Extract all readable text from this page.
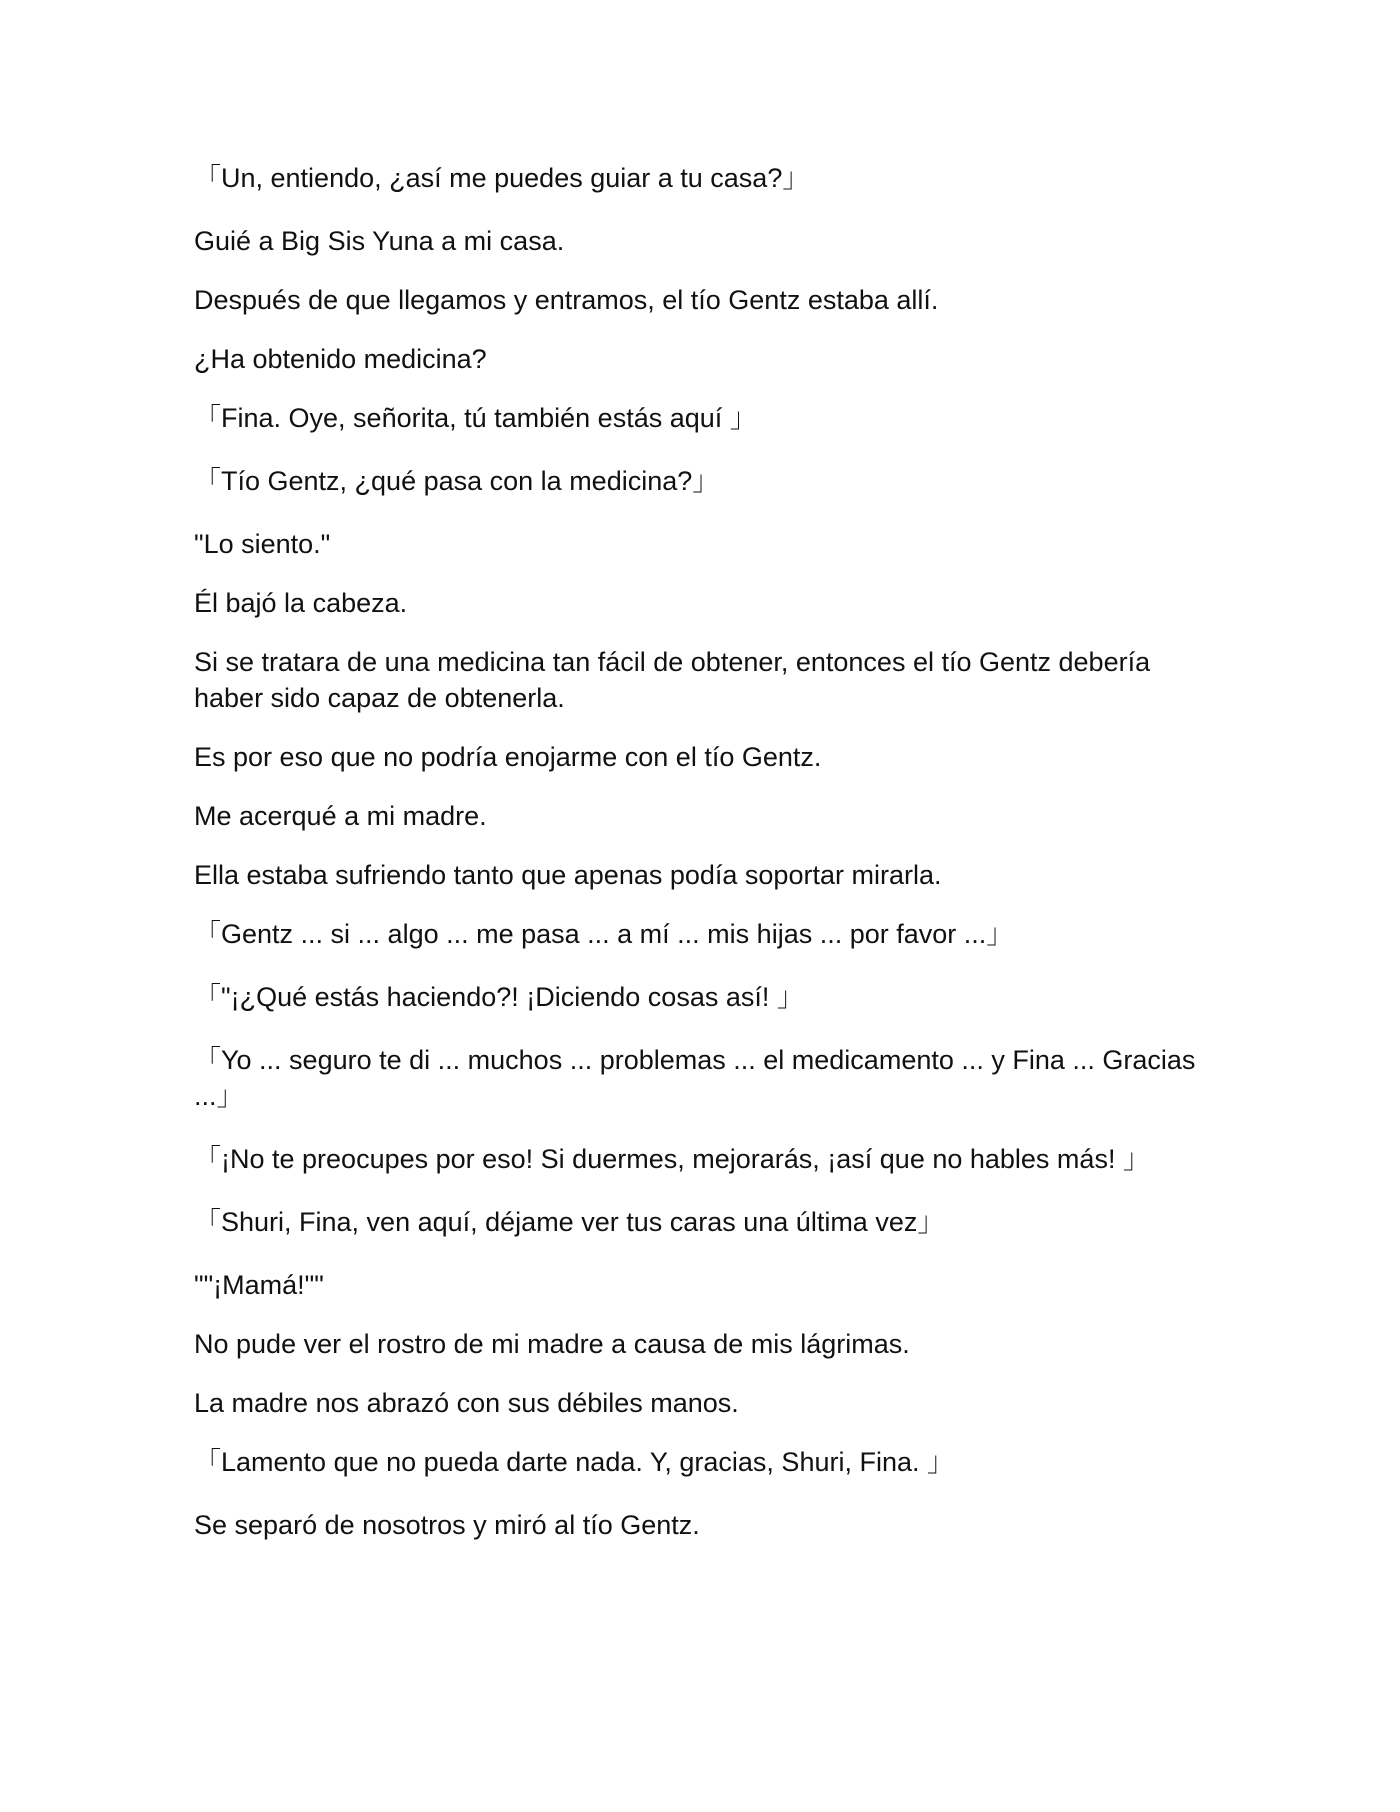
「Un, entiendo, ¿así me puedes guiar a tu casa?」

Guié a Big Sis Yuna a mi casa.

Después de que llegamos y entramos, el tío Gentz estaba allí.

¿Ha obtenido medicina?

「Fina. Oye, señorita, tú también estás aquí 」

「Tío Gentz, ¿qué pasa con la medicina?」

"Lo siento."

Él bajó la cabeza.

Si se tratara de una medicina tan fácil de obtener, entonces el tío Gentz debería haber sido capaz de obtenerla.

Es por eso que no podría enojarme con el tío Gentz.

Me acerqué a mi madre.

Ella estaba sufriendo tanto que apenas podía soportar mirarla.

「Gentz ... si ... algo ... me pasa ... a mí ... mis hijas ... por favor ...」

「"¡¿Qué estás haciendo?! ¡Diciendo cosas así! 」

「Yo ... seguro te di ... muchos ... problemas ... el medicamento ... y Fina ... Gracias ...」

「¡No te preocupes por eso! Si duermes, mejorarás, ¡así que no hables más! 」

「Shuri, Fina, ven aquí, déjame ver tus caras una última vez」

""¡Mamá!""

No pude ver el rostro de mi madre a causa de mis lágrimas.

La madre nos abrazó con sus débiles manos.

「Lamento que no pueda darte nada. Y, gracias, Shuri, Fina. 」

Se separó de nosotros y miró al tío Gentz.
